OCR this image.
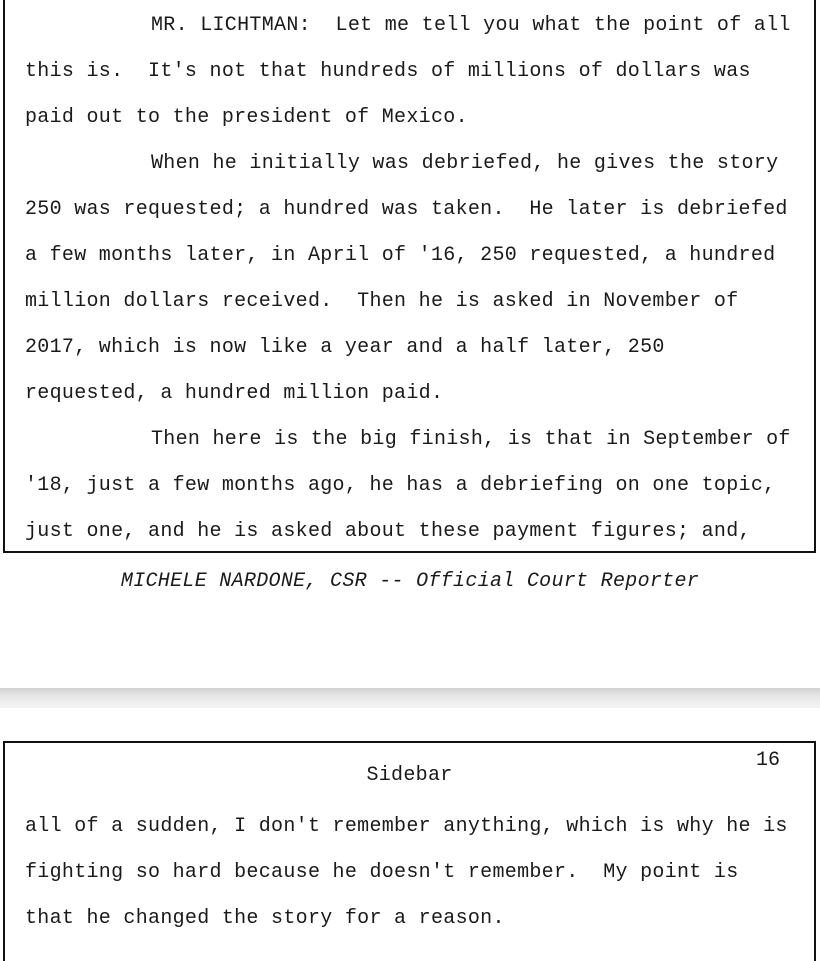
MR. LICHTMAN:  Let me tell you what the point of all
this is.  It's not that hundreds of millions of dollars was
paid out to the president of Mexico.
When he initially was debriefed, he gives the story
250 was requested; a hundred was taken.  He later is debriefed
a few months later, in April of '16, 250 requested, a hundred
million dollars received.  Then he is asked in November of
2017, which is now like a year and a half later, 250
requested, a hundred million paid.
Then here is the big finish, is that in September of
'18, just a few months ago, he has a debriefing on one topic,
just one, and he is asked about these payment figures; and,
MICHELE NARDONE, CSR -- Official Court Reporter
16
Sidebar
all of a sudden, I don't remember anything, which is why he is
fighting so hard because he doesn't remember.  My point is
that he changed the story for a reason.
